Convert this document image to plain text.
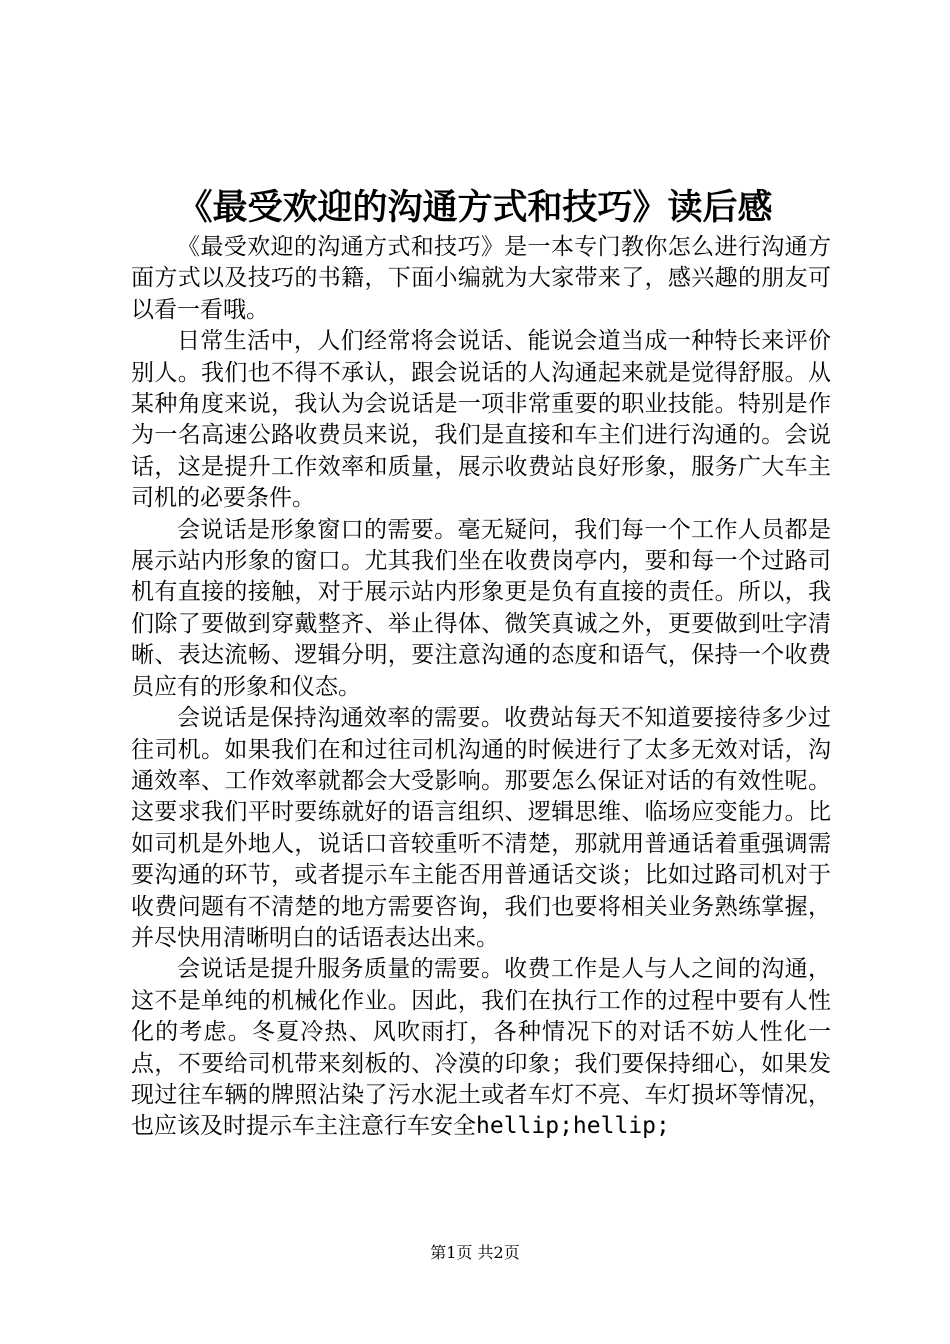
《最受欢迎的沟通方式和技巧》读后感

《最受欢迎的沟通方式和技巧》是一本专门教你怎么进行沟通方面方式以及技巧的书籍，下面小编就为大家带来了，感兴趣的朋友可以看一看哦。

日常生活中，人们经常将会说话、能说会道当成一种特长来评价别人。我们也不得不承认，跟会说话的人沟通起来就是觉得舒服。从某种角度来说，我认为会说话是一项非常重要的职业技能。特别是作为一名高速公路收费员来说，我们是直接和车主们进行沟通的。会说话，这是提升工作效率和质量，展示收费站良好形象，服务广大车主司机的必要条件。

会说话是形象窗口的需要。毫无疑问，我们每一个工作人员都是展示站内形象的窗口。尤其我们坐在收费岗亭内，要和每一个过路司机有直接的接触，对于展示站内形象更是负有直接的责任。所以，我们除了要做到穿戴整齐、举止得体、微笑真诚之外，更要做到吐字清晰、表达流畅、逻辑分明，要注意沟通的态度和语气，保持一个收费员应有的形象和仪态。

会说话是保持沟通效率的需要。收费站每天不知道要接待多少过往司机。如果我们在和过往司机沟通的时候进行了太多无效对话，沟通效率、工作效率就都会大受影响。那要怎么保证对话的有效性呢。这要求我们平时要练就好的语言组织、逻辑思维、临场应变能力。比如司机是外地人，说话口音较重听不清楚，那就用普通话着重强调需要沟通的环节，或者提示车主能否用普通话交谈；比如过路司机对于收费问题有不清楚的地方需要咨询，我们也要将相关业务熟练掌握，并尽快用清晰明白的话语表达出来。

会说话是提升服务质量的需要。收费工作是人与人之间的沟通，这不是单纯的机械化作业。因此，我们在执行工作的过程中要有人性化的考虑。冬夏冷热、风吹雨打，各种情况下的对话不妨人性化一点，不要给司机带来刻板的、冷漠的印象；我们要保持细心，如果发现过往车辆的牌照沾染了污水泥土或者车灯不亮、车灯损坏等情况，也应该及时提示车主注意行车安全hellip;hellip;

第1页 共2页
